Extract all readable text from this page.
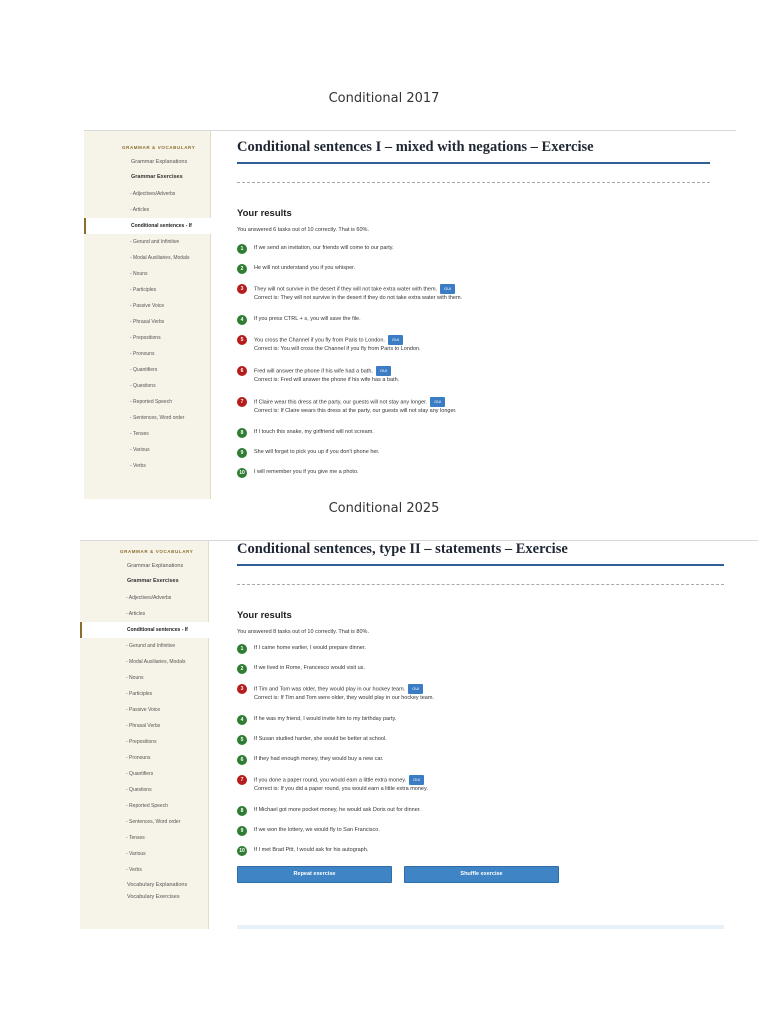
Conditional 2017
GRAMMAR & VOCABULARY
Grammar Explanations
Grammar Exercises
- Adjectives/Adverbs
- Articles
Conditional sentences - If
- Gerund and Infinitive
- Modal Auxiliaries, Modals
- Nouns
- Participles
- Passive Voice
- Phrasal Verbs
- Prepositions
- Pronouns
- Quantifiers
- Questions
- Reported Speech
- Sentences, Word order
- Tenses
- Various
- Verbs
Conditional sentences I – mixed with negations – Exercise
Your results
You answered 6 tasks out of 10 correctly. That is 60%.
1	If we send an invitation, our friends will come to our party.
2	He will not understand you if you whisper.
3	They will not survive in the desert if they will not take extra water with them. GUI
Correct is: They will not survive in the desert if they do not take extra water with them.
4	If you press CTRL + s, you will save the file.
5	You cross the Channel if you fly from Paris to London. GUI
Correct is: You will cross the Channel if you fly from Paris to London.
6	Fred will answer the phone if his wife had a bath. GUI
Correct is: Fred will answer the phone if his wife has a bath.
7	If Claire wear this dress at the party, our guests will not stay any longer. GUI
Correct is: If Claire wears this dress at the party, our guests will not stay any longer.
8	If I touch this snake, my girlfriend will not scream.
9	She will forget to pick you up if you don't phone her.
10	I will remember you if you give me a photo.
Conditional 2025
GRAMMAR & VOCABULARY
Grammar Explanations
Grammar Exercises
- Adjectives/Adverbs
- Articles
Conditional sentences - If
- Gerund and Infinitive
- Modal Auxiliaries, Modals
- Nouns
- Participles
- Passive Voice
- Phrasal Verbs
- Prepositions
- Pronouns
- Quantifiers
- Questions
- Reported Speech
- Sentences, Word order
- Tenses
- Various
- Verbs
Vocabulary Explanations
Vocabulary Exercises
Conditional sentences, type II – statements – Exercise
Your results
You answered 8 tasks out of 10 correctly. That is 80%.
1	If I came home earlier, I would prepare dinner.
2	If we lived in Rome, Francesco would visit us.
3	If Tim and Tom was older, they would play in our hockey team. GUI
Correct is: If Tim and Tom were older, they would play in our hockey team.
4	If he was my friend, I would invite him to my birthday party.
5	If Susan studied harder, she would be better at school.
6	If they had enough money, they would buy a new car.
7	If you done a paper round, you would earn a little extra money. GUI
Correct is: If you did a paper round, you would earn a little extra money.
8	If Michael got more pocket money, he would ask Doris out for dinner.
9	If we won the lottery, we would fly to San Francisco.
10	If I met Brad Pitt, I would ask for his autograph.
Repeat exercise	Shuffle exercise
